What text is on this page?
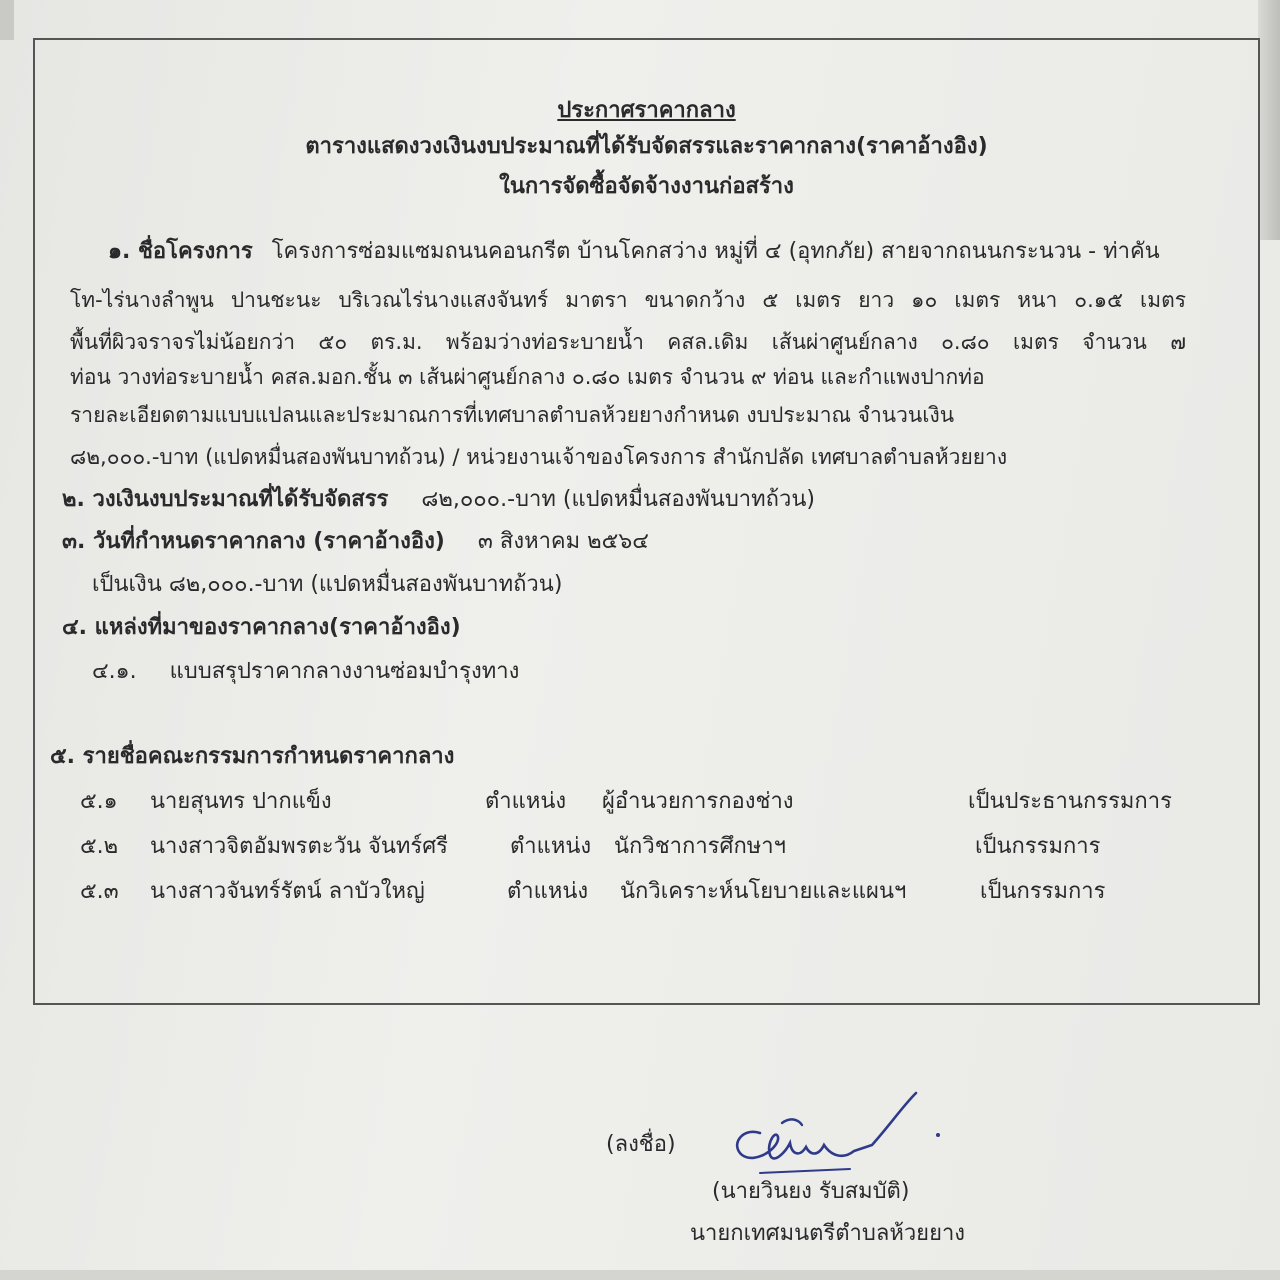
ประกาศราคากลาง
ตารางแสดงวงเงินงบประมาณที่ได้รับจัดสรรและราคากลาง(ราคาอ้างอิง)
ในการจัดซื้อจัดจ้างงานก่อสร้าง
๑. ชื่อโครงการ โครงการซ่อมแซมถนนคอนกรีต บ้านโคกสว่าง หมู่ที่ ๔ (อุทกภัย) สายจากถนนกระนวน - ท่าคัน
โท-ไร่นางลำพูน ปานชะนะ บริเวณไร่นางแสงจันทร์ มาตรา ขนาดกว้าง ๕ เมตร ยาว ๑๐ เมตร หนา ๐.๑๕ เมตร
พื้นที่ผิวจราจรไม่น้อยกว่า ๕๐ ตร.ม. พร้อมว่างท่อระบายน้ำ คสล.เดิม เส้นผ่าศูนย์กลาง ๐.๘๐ เมตร จำนวน ๗
ท่อน วางท่อระบายน้ำ คสล.มอก.ชั้น ๓ เส้นผ่าศูนย์กลาง ๐.๘๐ เมตร จำนวน ๙ ท่อน และกำแพงปากท่อ
รายละเอียดตามแบบแปลนและประมาณการที่เทศบาลตำบลห้วยยางกำหนด งบประมาณ จำนวนเงิน
๘๒,๐๐๐.-บาท (แปดหมื่นสองพันบาทถ้วน) / หน่วยงานเจ้าของโครงการ สำนักปลัด เทศบาลตำบลห้วยยาง
๒. วงเงินงบประมาณที่ได้รับจัดสรร ๘๒,๐๐๐.-บาท (แปดหมื่นสองพันบาทถ้วน)
๓. วันที่กำหนดราคากลาง (ราคาอ้างอิง) ๓ สิงหาคม ๒๕๖๔
เป็นเงิน ๘๒,๐๐๐.-บาท (แปดหมื่นสองพันบาทถ้วน)
๔. แหล่งที่มาของราคากลาง(ราคาอ้างอิง)
๔.๑. แบบสรุปราคากลางงานซ่อมบำรุงทาง
๕. รายชื่อคณะกรรมการกำหนดราคากลาง
๕.๑ นายสุนทร ปากแข็ง	ตำแหน่ง ผู้อำนวยการกองช่าง	เป็นประธานกรรมการ
๕.๒ นางสาวจิตอัมพรตะวัน จันทร์ศรี	ตำแหน่ง นักวิชาการศึกษาฯ	เป็นกรรมการ
๕.๓ นางสาวจันทร์รัตน์ ลาบัวใหญ่	ตำแหน่ง นักวิเคราะห์นโยบายและแผนฯ	เป็นกรรมการ
(ลงชื่อ)
(นายวินยง รับสมบัติ)
นายกเทศมนตรีตำบลห้วยยาง
